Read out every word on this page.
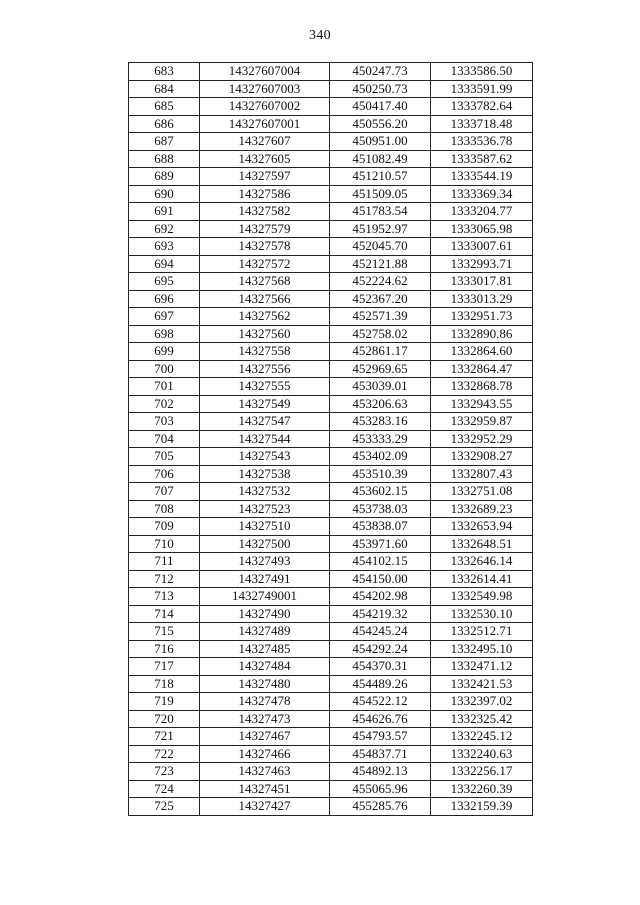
340
683	14327607004	450247.73	1333586.50
684	14327607003	450250.73	1333591.99
685	14327607002	450417.40	1333782.64
686	14327607001	450556.20	1333718.48
687	14327607	450951.00	1333536.78
688	14327605	451082.49	1333587.62
689	14327597	451210.57	1333544.19
690	14327586	451509.05	1333369.34
691	14327582	451783.54	1333204.77
692	14327579	451952.97	1333065.98
693	14327578	452045.70	1333007.61
694	14327572	452121.88	1332993.71
695	14327568	452224.62	1333017.81
696	14327566	452367.20	1333013.29
697	14327562	452571.39	1332951.73
698	14327560	452758.02	1332890.86
699	14327558	452861.17	1332864.60
700	14327556	452969.65	1332864.47
701	14327555	453039.01	1332868.78
702	14327549	453206.63	1332943.55
703	14327547	453283.16	1332959.87
704	14327544	453333.29	1332952.29
705	14327543	453402.09	1332908.27
706	14327538	453510.39	1332807.43
707	14327532	453602.15	1332751.08
708	14327523	453738.03	1332689.23
709	14327510	453838.07	1332653.94
710	14327500	453971.60	1332648.51
711	14327493	454102.15	1332646.14
712	14327491	454150.00	1332614.41
713	1432749001	454202.98	1332549.98
714	14327490	454219.32	1332530.10
715	14327489	454245.24	1332512.71
716	14327485	454292.24	1332495.10
717	14327484	454370.31	1332471.12
718	14327480	454489.26	1332421.53
719	14327478	454522.12	1332397.02
720	14327473	454626.76	1332325.42
721	14327467	454793.57	1332245.12
722	14327466	454837.71	1332240.63
723	14327463	454892.13	1332256.17
724	14327451	455065.96	1332260.39
725	14327427	455285.76	1332159.39
